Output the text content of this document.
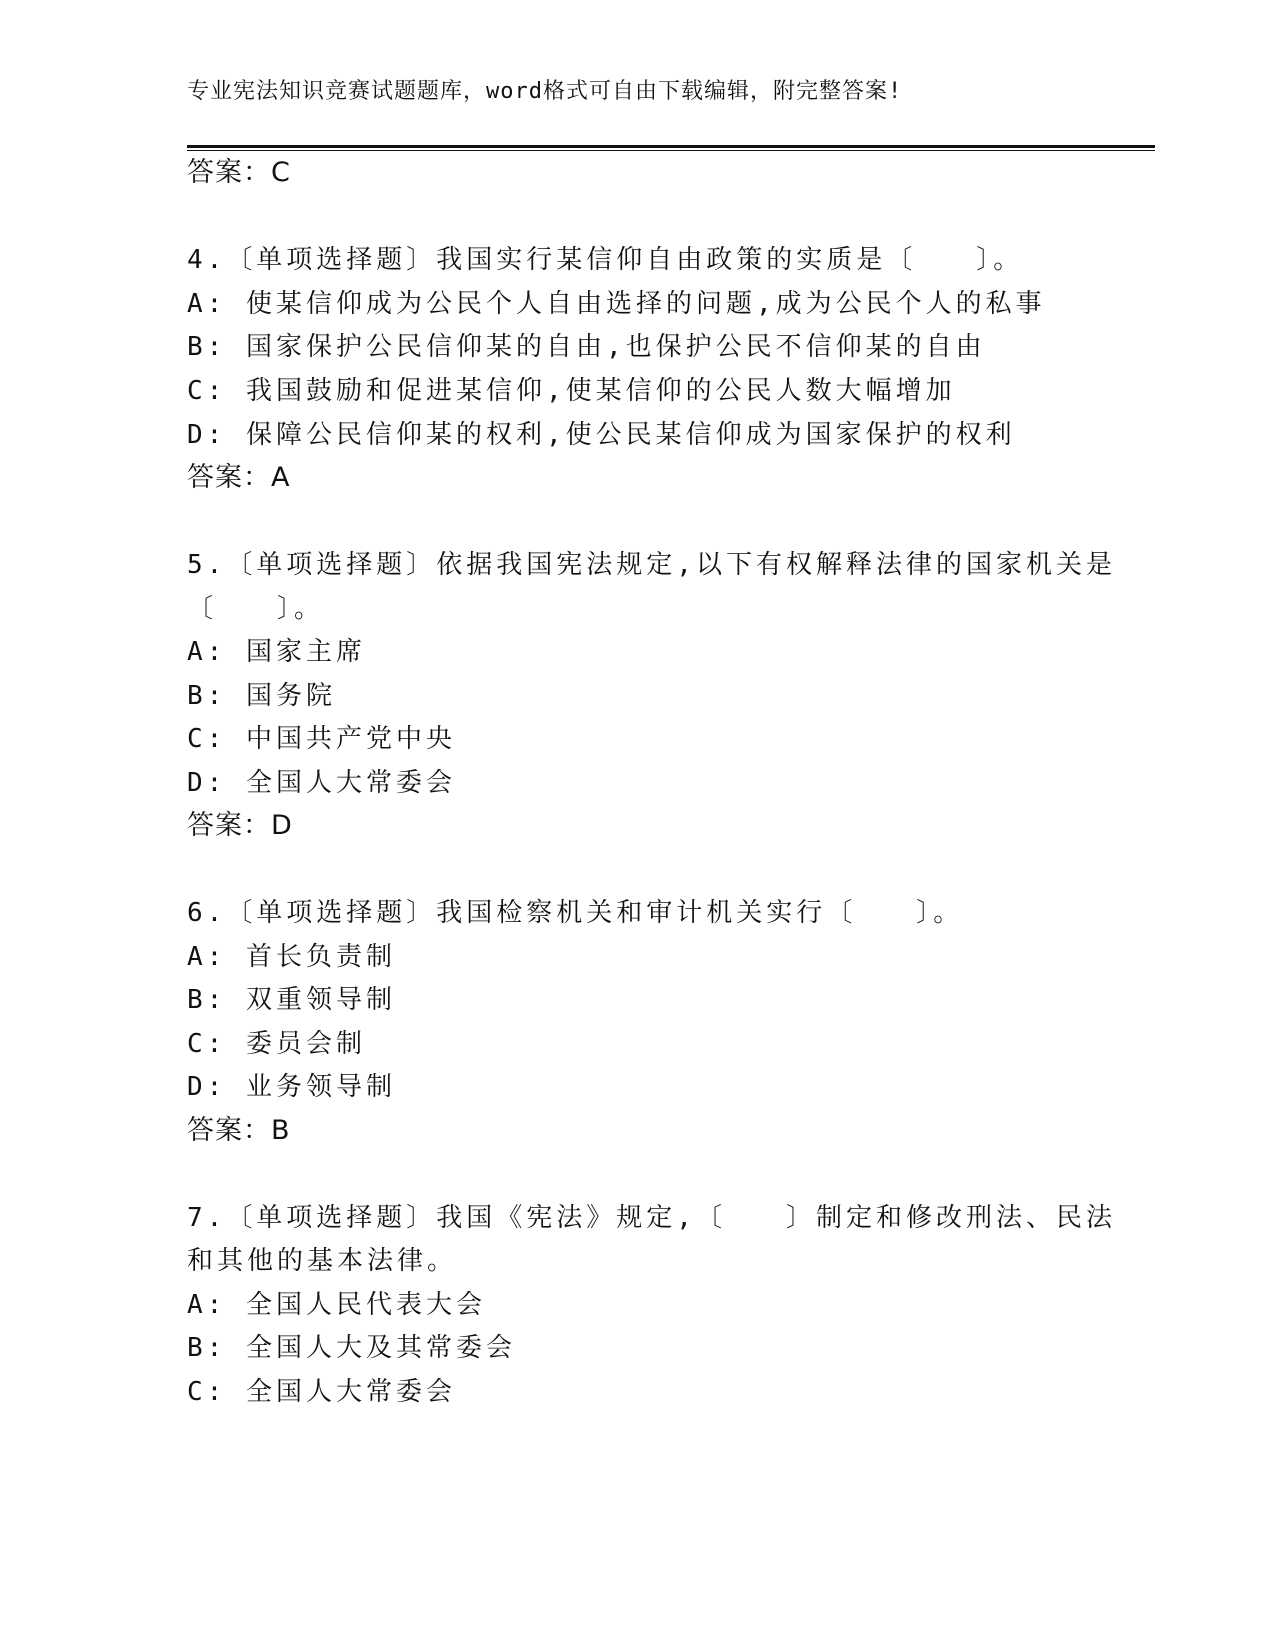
专业宪法知识竞赛试题题库，word格式可自由下载编辑，附完整答案!
答案：C
4.〔单项选择题〕我国实行某信仰自由政策的实质是〔　　〕。
A: 使某信仰成为公民个人自由选择的问题,成为公民个人的私事
B: 国家保护公民信仰某的自由,也保护公民不信仰某的自由
C: 我国鼓励和促进某信仰,使某信仰的公民人数大幅增加
D: 保障公民信仰某的权利,使公民某信仰成为国家保护的权利
答案：A
5.〔单项选择题〕依据我国宪法规定,以下有权解释法律的国家机关是
〔　　〕。
A: 国家主席
B: 国务院
C: 中国共产党中央
D: 全国人大常委会
答案：D
6.〔单项选择题〕我国检察机关和审计机关实行〔　　〕。
A: 首长负责制
B: 双重领导制
C: 委员会制
D: 业务领导制
答案：B
7.〔单项选择题〕我国《宪法》规定,〔　　〕制定和修改刑法、民法
和其他的基本法律。
A: 全国人民代表大会
B: 全国人大及其常委会
C: 全国人大常委会
